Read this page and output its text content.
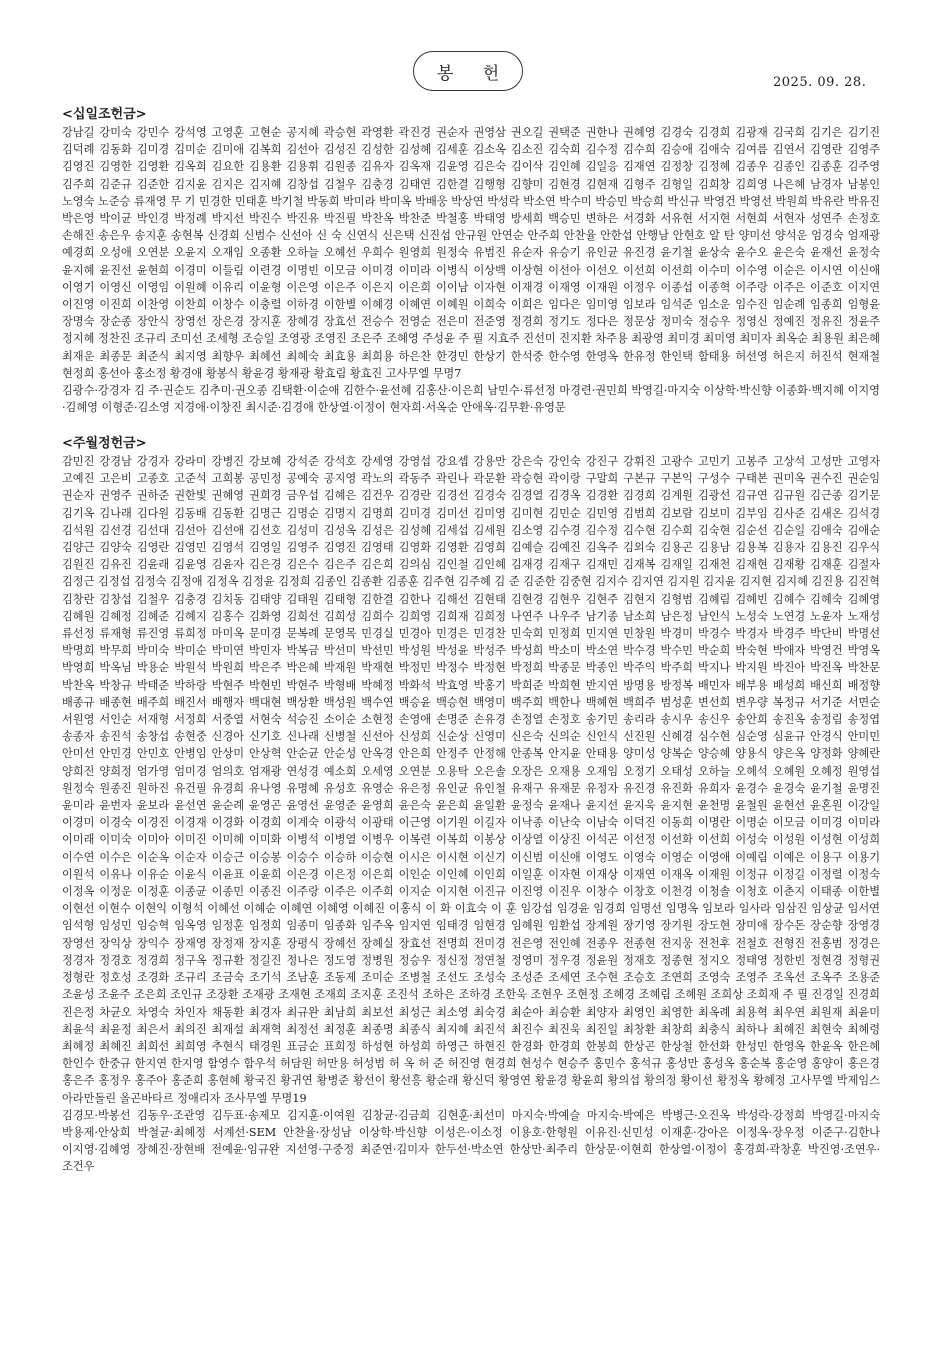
봉 헌	2025. 09. 28.
<십일조헌금>

강남길 강미숙 강민수 강석영 고영훈 고현순 공지혜 곽승현 곽영환 곽진경 권순자 권영삼 권오길 권택준 권한나 권혜영 김경숙 김경희 김광재 김국희 김기은 김기진 김덕례 김동화 김미경 김미순 김미애 김복희 김선아 김성진 김성한 김성혜 김세훈 김소옥 김소진 김숙희 김수정 김수희 김승애 김애숙 김여름 김연서 김영란 김영주 김영진 김영한 김영환 김옥희 김요한 김용환 김용휘 김원종 김유자 김옥재 김윤영 김은숙 김이삭 김인혜 김일응 김재연 김정창 김정혜 김종우 김종인 김종훈 김주영 김주희 김준규 김준한 김지윤 김지은 김지혜 김창섭 김철우 김충경 김태연 김한결 김행형 김향미 김현경 김현재 김형주 김형일 김희창 김희영 나은혜 남경자 남봉인 노영숙 노준승 류재영 무 기 민경한 민태훈 박기철 박동희 박미라 박미옥 박배웅 박상연 박성락 박소연 박수미 박승민 박승희 박신규 박영건 박영선 박원희 박유란 박유진 박은영 박이균 박인경 박정례 박지선 박진수 박진유 박진필 박찬옥 박찬준 박철홍 박태영 방세희 백승민 변하은 서경화 서유현 서지현 서현희 서현자 성연주 손정호 손해진 송은우 송지훈 송현복 신경희 신범수 신선아 신 숙 신연식 신은택 신진섭 안규원 안연순 안주희 안찬율 안한섭 안행남 안현호 알 탄 양미선 양석운 엄경숙 엄재광 예경희 오성애 오연분 오윤지 오재임 오종환 오하늘 오혜선 우희수 원영희 원정숙 유범진 유순자 유승기 유인균 유진경 윤기철 윤상숙 윤수오 윤은숙 윤재선 윤정숙 윤지혜 윤진선 윤현희 이경미 이들림 이련경 이명빈 이모금 이미경 이미라 이병식 이상백 이상현 이선아 이선오 이선희 이선희 이수미 이수영 이순은 이시연 이신애 이영기 이영신 이영임 이원혜 이유리 이윤형 이은영 이은주 이은지 이은희 이이남 이자현 이재경 이재영 이재원 이정우 이종섭 이종혁 이주랑 이주은 이준호 이지연 이진영 이진희 이찬영 이찬희 이창수 이충렬 이하경 이한별 이혜경 이혜연 이혜원 이희숙 이희은 임다은 임미영 임보라 임석준 임소운 임수진 임순례 임종희 임형윤 장명숙 장순종 장안식 장영선 장은경 장지훈 장혜경 장효선 전승수 전영순 전은미 전준영 정경희 정기도 정다은 정문상 정미숙 정승우 정영신 정예진 정유진 정윤주 정지혜 정찬진 조규리 조미선 조세형 조승일 조영광 조영진 조은주 조혜영 주성윤 주 필 지효주 진선미 진지환 차주용 최광영 최미경 최미영 최미자 최옥순 최용원 최은혜 최재운 최종문 최준식 최지영 최향우 최혜선 최혜숙 최효용 최희용 하은찬 한경민 한상기 한석중 한수영 한영옥 한유정 한인택 함태용 허선영 허은지 허진석 현재철 현정희 홍선아 홍소정 황경애 황봉식 황윤경 황재광 황효림 황효진 고사무엘 무명7

김광수·강경자 김 주·권순도 김추미·권오종 김택환·이순애 김한수·윤선혜 김홍산·이은희 남민수·류선정 마경련·권민희 박영길·마지숙 이상학·박신향 이종화·백지혜 이지영·김혜영 이형준·김소영 지경애·이창진 최시준·김경애 한상열·이정이 현자희·서옥순 안애옥·김무환·유영문

<주월정헌금>

감민진 강경남 강경자 강라미 강병진 강보혜 강석준 강석호 강세영 강영섭 강요셉 강용만 강은숙 강인숙 강진구 강휘진 고광수 고민기 고봉주 고상석 고성만 고영자 고예진 고은비 고종호 고준석 고희봉 공민정 공예숙 공지영 곽노의 곽동주 곽린나 곽문환 곽승현 곽이랑 구말희 구본규 구본익 구성수 구태본 권미옥 권수진 권순임 권순자 권영주 권하준 권한빛 권혜영 권희경 금우섭 김혜은 김건우 김경란 김경선 김경숙 김경열 김경옥 김경환 김경희 김계원 김광선 김규연 김규원 김근종 김기문 김기옥 김나래 김다원 김동배 김동환 김명근 김명순 김명지 김명희 김미경 김미선 김미영 김미현 김민순 김민영 김범희 김보람 김보미 김부임 김사준 김새온 김석경 김석원 김선경 김선대 김선아 김선애 김선호 김성미 김성옥 김성은 김성혜 김세섭 김세원 김소영 김수경 김수정 김수현 김수희 김숙현 김순선 김순일 김애숙 김애순 김양근 김양숙 김영란 김영민 김영석 김영일 김영주 김영진 김영태 김영화 김영환 김영희 김예슬 김예진 김옥주 김외숙 김용곤 김용남 김용복 김용자 김용진 김우식 김원진 김유진 김윤래 김윤영 김윤자 김은경 김은수 김은주 김은희 김의심 김인철 김인혜 김재경 김재구 김재민 김재복 김재일 김재천 김재현 김재황 김재훈 김절자 김정근 김정섭 김정숙 김정애 김정옥 김정윤 김정희 김종인 김종환 김종훈 김주현 김주혜 김 준 김준한 김중현 김지수 김지연 김지원 김지윤 김지현 김지혜 김진용 김진혁 김창란 김창섭 김철우 김충경 김치동 김태양 김태원 김태형 김한결 김한나 김해선 김현태 김현경 김현우 김현주 김현지 김형범 김혜림 김혜빈 김혜수 김혜숙 김혜영 김혜원 김혜정 김혜준 김혜지 김홍수 김화영 김희선 김희성 김희수 김희영 김희재 김희정 나연주 나우주 남기종 남소희 남은정 남인식 노성숙 노연경 노윤자 노재성 류선정 류재형 류진영 류희정 마미옥 문미경 문복례 문영목 민경실 민경아 민경은 민경찬 민숙희 민정희 민지연 민창원 박경미 박경수 박경자 박경주 박단비 박명선 박명희 박무희 박미숙 박미순 박미연 박민자 박복금 박선미 박선민 박성원 박성윤 박성주 박성희 박소미 박소연 박수경 박수민 박순희 박숙현 박애자 박영건 박영옥 박영희 박옥님 박용순 박원석 박원희 박은주 박은혜 박재원 박재현 박정민 박정수 박정현 박정희 박종문 박종인 박주익 박주희 박지나 박지원 박진아 박진옥 박찬문 박찬옥 박창규 박태준 박하랑 박현주 박현빈 박현주 박형배 박혜정 박화석 박효영 박홍기 박희준 박희현 반지연 방명용 방정복 배민자 배부용 배성희 배신희 배정향 배종규 배종현 배주희 배진서 배행자 백대현 백상환 백성원 백수연 백승윤 백승현 백영미 백주희 백한나 백혜현 백희주 범성훈 변선희 변우량 복정규 서기준 서면순 서원영 서인순 서재형 서정희 서중열 서현숙 석승진 소이순 소현정 손영애 손명준 손유경 손정열 손정호 송기민 송리라 송시우 송신우 송안희 송진옥 송정림 송정엽 송종자 송진석 송창섭 송현중 신경아 신기호 신나래 신병철 신선아 신성희 신순상 신영미 신은숙 신의순 신인식 신진원 신혜경 심수현 심순영 심윤규 안경식 안미민 안미선 안민경 안민호 안병임 안상미 안상혁 안순균 안순성 안옥경 안은희 안정주 안정해 안종복 안지윤 안태용 양미성 양복순 양승혜 양용식 양은옥 양정화 양혜란 양희진 양희정 엄가영 엄미경 엄의호 엄재광 연성경 예소희 오세영 오연분 오용탁 오은솔 오장은 오재용 오재임 오정기 오태성 오하늘 오혜석 오혜원 오혜정 원영섭 원정숙 원종진 원하진 유건필 유경희 유나영 유명혜 유성호 유영순 유은정 유인균 유인철 유재구 유재문 유정자 유진경 유진화 유희자 윤경수 윤경숙 윤기철 윤명진 윤미라 윤번자 윤보라 윤선연 윤순례 윤영곤 윤영선 윤영준 윤영희 윤은숙 윤은희 윤일환 윤정숙 윤재나 윤지선 윤지욱 윤지현 윤천명 윤철원 윤현선 윤혼원 이강일 이경미 이경숙 이경진 이경재 이경화 이경희 이계숙 이광석 이광태 이근영 이기원 이길자 이낙종 이난숙 이남숙 이덕진 이동희 이명란 이명순 이모금 이미경 이미라 이미래 이미숙 이미아 이미진 이미혜 이미화 이병석 이병열 이병우 이복련 이복희 이봉상 이상열 이상진 이석곤 이선정 이선화 이선희 이성숙 이성원 이성현 이성희 이수연 이수은 이순옥 이순자 이승근 이승봉 이승수 이승하 이승현 이시은 이시현 이신기 이신범 이신애 이영도 이영숙 이영순 이영애 이예림 이예은 이용구 이용기 이원석 이유나 이유순 이윤식 이윤표 이윤희 이은경 이은정 이은희 이인순 이인혜 이인희 이일훈 이자현 이재상 이재연 이재옥 이재원 이정규 이정길 이정렬 이정숙 이정옥 이정운 이정훈 이종균 이종민 이종진 이주랑 이주은 이주희 이지순 이지현 이진규 이진영 이진우 이창수 이창호 이천경 이청솔 이청호 이춘지 이태종 이한별 이현선 이현수 이현익 이형석 이혜선 이혜순 이혜연 이혜영 이혜진 이홍식 이 화 이효숙 이 훈 임강섭 임경윤 임경희 임명선 임명옥 임보라 임사라 임삼진 임상균 임서연 임석형 임성민 임승혁 임옥영 임정훈 임정희 임종미 임종화 임주옥 임지연 임태경 임현경 임혜원 임환섭 장계원 장기영 장기원 장도현 장미애 장수돈 장순향 장영경 장영선 장익상 장익수 장재영 장정재 장지훈 장평식 장혜선 장혜실 장효선 전명희 전미경 전은영 전인혜 전종우 전종현 전지웅 전천후 전철호 전형진 전홍범 정경은 정경자 정경호 정경희 정구옥 정규환 정길진 정나은 정도영 정병원 정승우 정신정 정연철 정영미 정우경 정윤원 정재호 정종현 정지오 정태영 정한빈 정현경 정형권 정형란 정호성 조경화 조규리 조금숙 조기석 조남훈 조동제 조미순 조병철 조선도 조성숙 조성준 조세연 조수현 조승호 조연희 조영숙 조영주 조옥선 조옥주 조용준 조윤성 조윤주 조은희 조인규 조장환 조재광 조재현 조재희 조지훈 조진석 조하은 조하경 조한욱 조현우 조현정 조혜경 조혜림 조혜원 조희상 조희재 주 필 진경일 진경희 진은정 차균오 차영숙 차인자 채동환 최경자 최규완 최남희 최보선 최성근 최소영 최숙경 최순아 최승환 최양자 최영인 최영한 최옥례 최용혁 최우연 최원재 최윤미 최윤석 최윤정 최은서 최의진 최재설 최재혁 최정선 최정훈 최종명 최종식 최지혜 최진석 최진수 최진욱 최진일 최창환 최창희 최충식 최하나 최혜진 최현숙 최혜령 최혜정 최혜진 최희선 최희영 추현식 태경원 표금순 표희정 하성현 하성희 하영근 하현진 한경화 한경희 한봉희 한상곤 한상철 한선화 한성민 한영옥 한윤옥 한은혜 한인수 한중규 한지연 한지영 함영수 함우석 허담원 허만용 허성범 허 옥 허 준 허진영 현경희 현성수 현승주 홍민수 홍석규 홍성만 홍성옥 홍순복 홍순영 홍양이 홍은경 홍은주 홍정우 홍주아 홍준희 홍현혜 황국진 황귀연 황병준 황선이 황선흥 황순래 황신덕 황영연 황윤경 황윤희 황의섭 황의정 황이선 황정옥 황혜정 고사무엘 박제임스 아라만돌린 올곤바타르 정애리자 조사무엘 무명19

김경모·박봉선 김동우·조관영 김두표·송제모 김지훈·이여원 김창균·김금희 김현훈·최선미 마지숙·박예슬 마지숙·박예은 박병근·오진옥 박성락·강정희 박영길·마지숙 박용제·안상희 박철균·최혜정 서계선·SEM 안찬율·장성남 이상학·박신향 이성은·이소정 이용호·한형원 이유진·신민성 이재훈·강아은 이정옥·장우정 이준구·김한나 이지영·김혜영 장혜진·장현배 전예윤·임규완 지선영·구중정 최준연·김미자 한두선·박소연 한상만·최주리 한상문·이현희 한상열·이정이 홍경희·곽창훈 박진영·조연우·조건우
